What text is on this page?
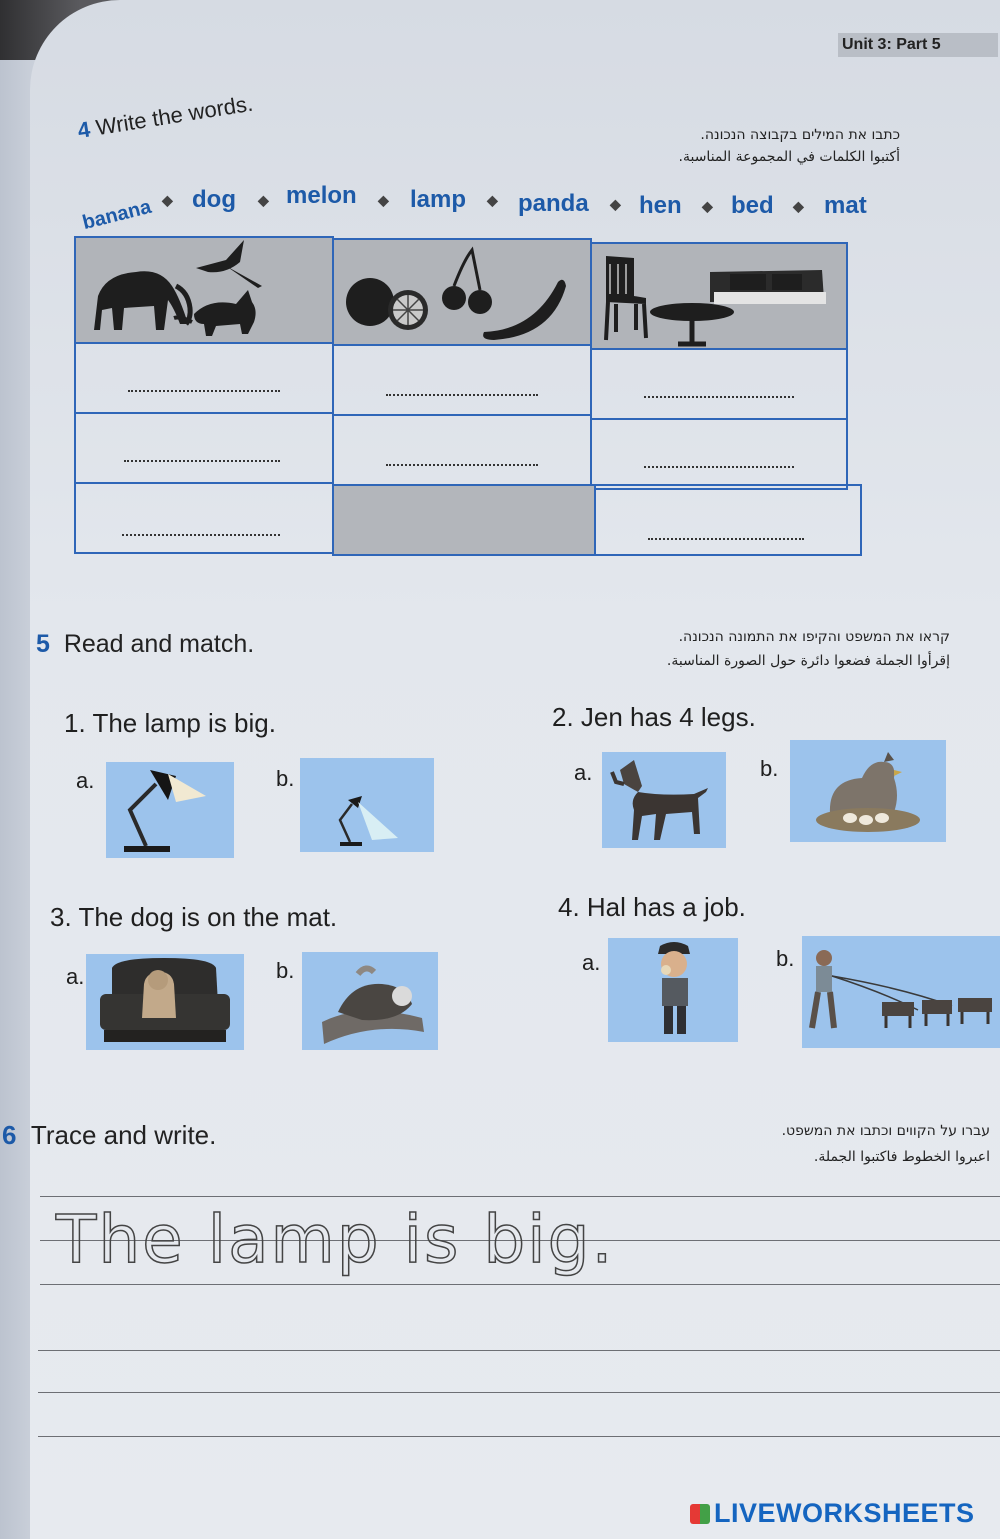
Unit 3: Part 5
4 Write the words.	כתבו את המילים בקבוצה הנכונה.
أكتبوا الكلمات في المجموعة المناسبة.
banana ◆ dog ◆ melon ◆ lamp ◆ panda ◆ hen ◆ bed ◆ mat
5 Read and match.	קראו את המשפט והקיפו את התמונה הנכונה.
إقرأوا الجملة فضعوا دائرة حول الصورة المناسبة.
1. The lamp is big.
a.	b.
2. Jen has 4 legs.
a.	b.
3. The dog is on the mat.
a.	b.
4. Hal has a job.
a.	b.
6 Trace and write.	עברו על הקווים וכתבו את המשפט.
اعبروا الخطوط فاكتبوا الجملة.
The lamp is big.
LIVEWORKSHEETS
